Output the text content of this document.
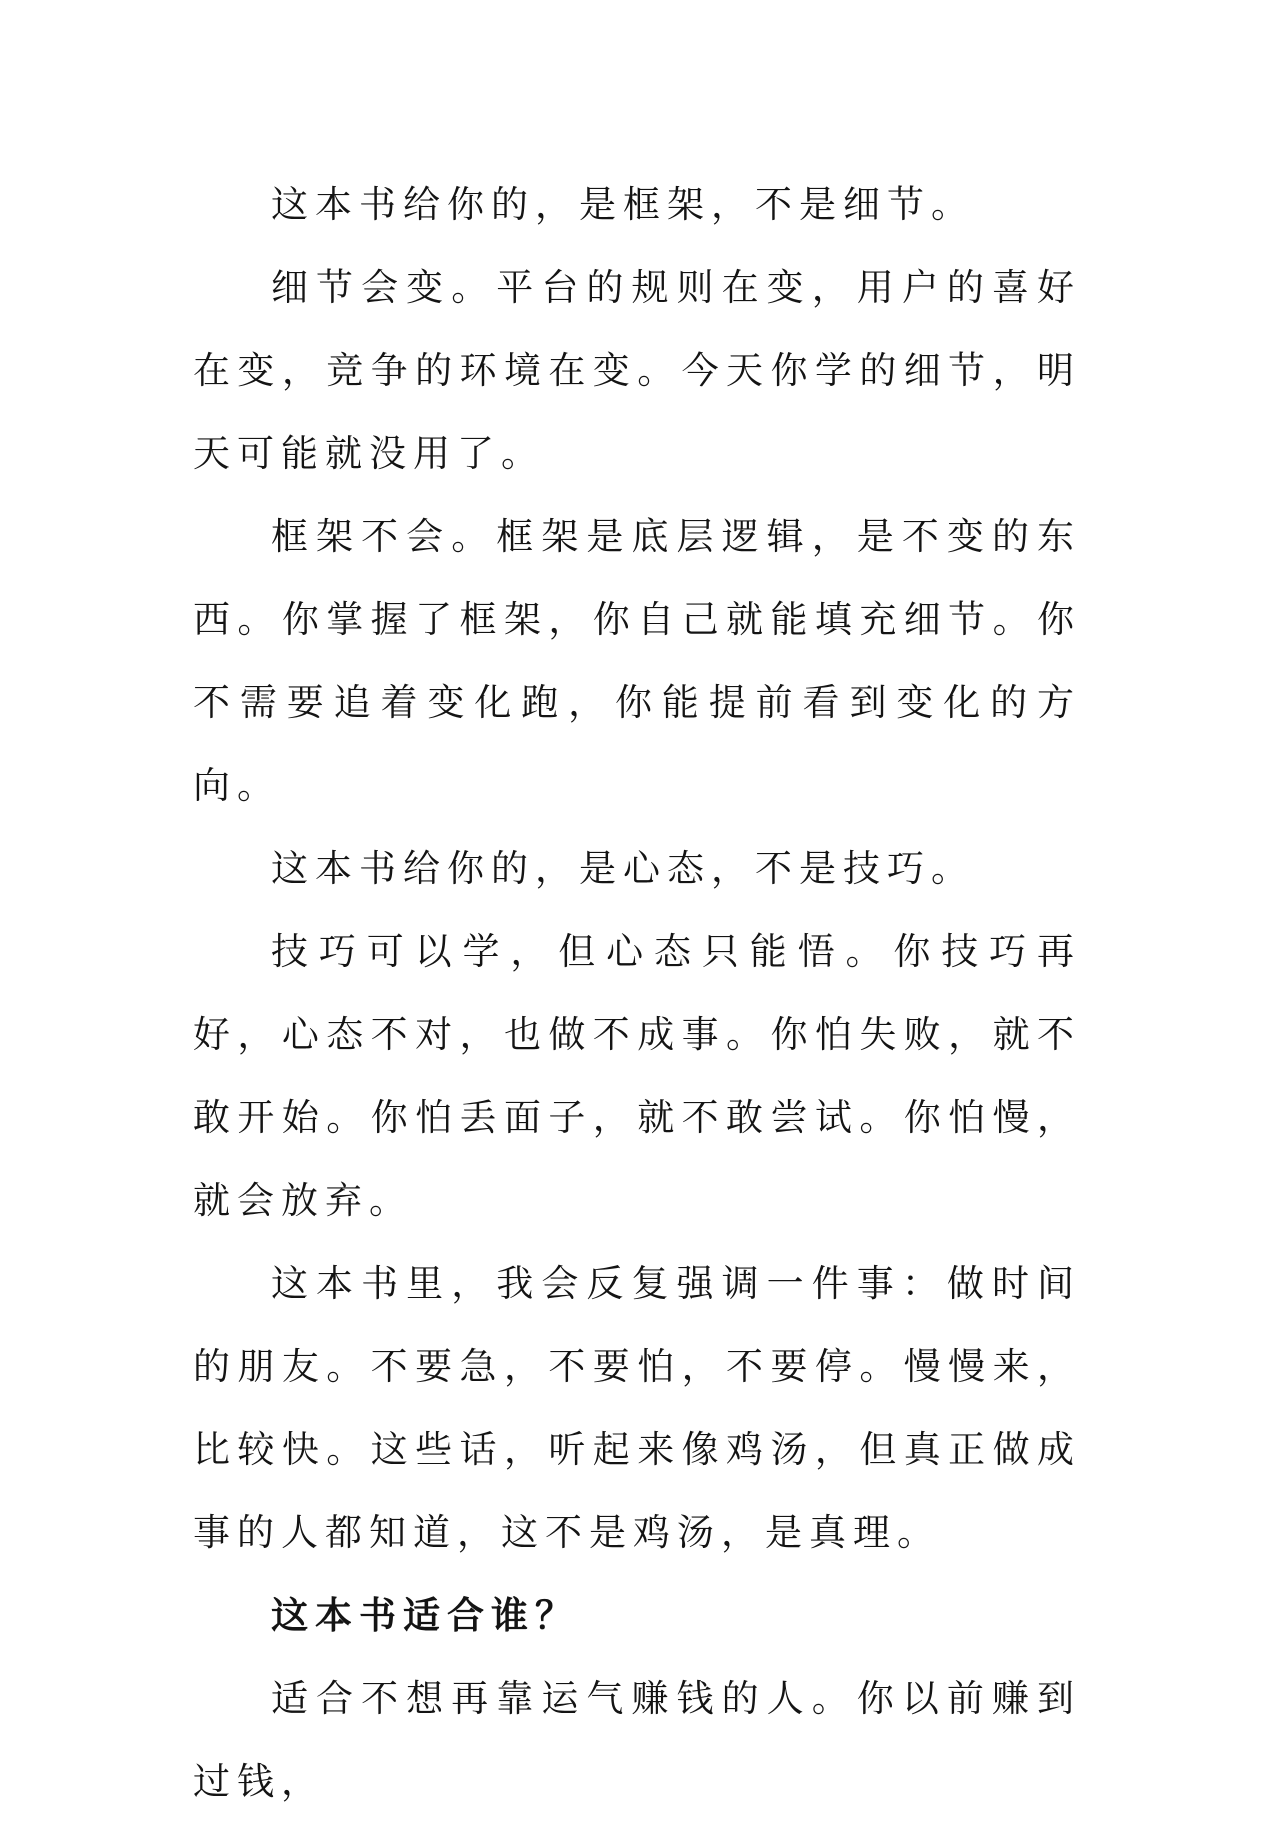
这本书给你的，是框架，不是细节。

细节会变。平台的规则在变，用户的喜好在变，竞争的环境在变。今天你学的细节，明天可能就没用了。

框架不会。框架是底层逻辑，是不变的东西。你掌握了框架，你自己就能填充细节。你不需要追着变化跑，你能提前看到变化的方向。

这本书给你的，是心态，不是技巧。

技巧可以学，但心态只能悟。你技巧再好，心态不对，也做不成事。你怕失败，就不敢开始。你怕丢面子，就不敢尝试。你怕慢，就会放弃。

这本书里，我会反复强调一件事：做时间的朋友。不要急，不要怕，不要停。慢慢来，比较快。这些话，听起来像鸡汤，但真正做成事的人都知道，这不是鸡汤，是真理。

这本书适合谁？

适合不想再靠运气赚钱的人。你以前赚到过钱，
